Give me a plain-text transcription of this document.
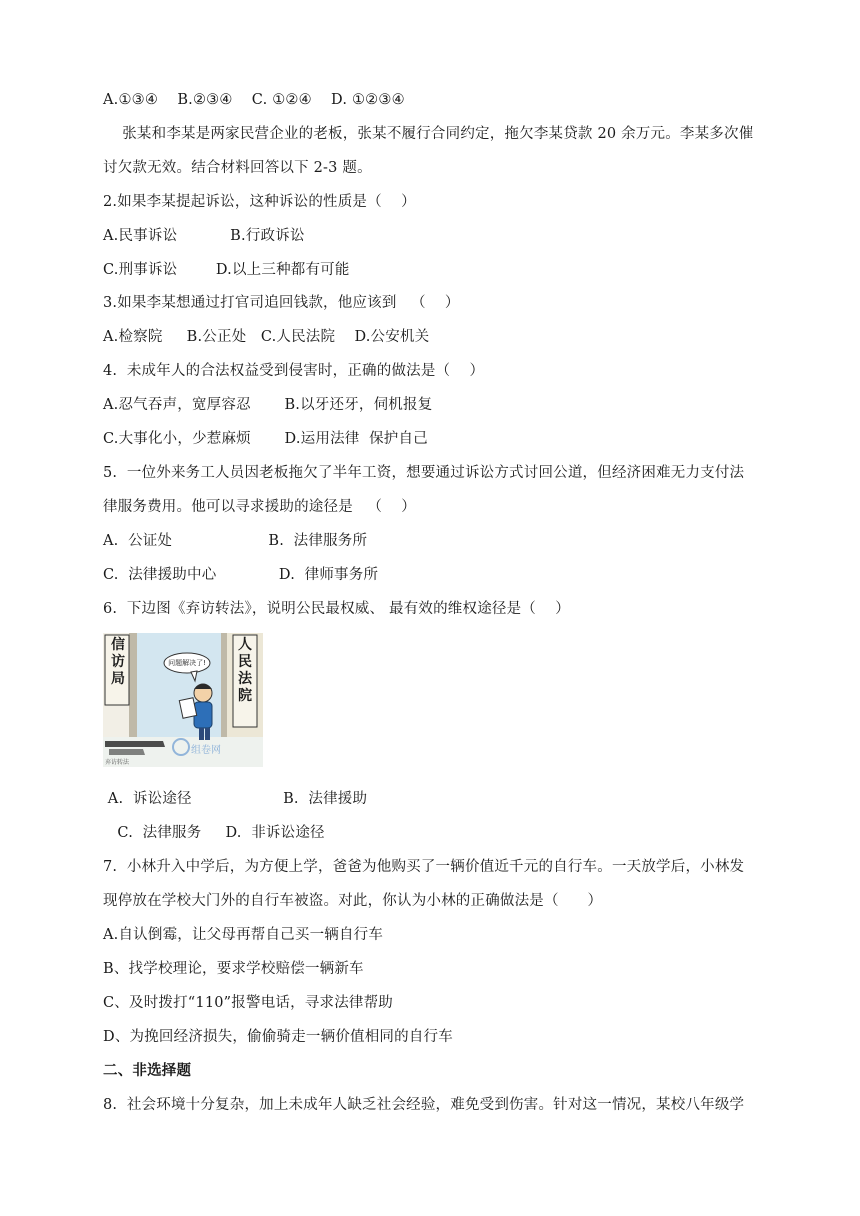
A.①③④    B.②③④    C. ①②④    D. ①②③④
张某和李某是两家民营企业的老板，张某不履行合同约定，拖欠李某贷款 20 余万元。李某多次催
讨欠款无效。结合材料回答以下 2-3 题。
2.如果李某提起诉讼，这种诉讼的性质是（    ）
A.民事诉讼           B.行政诉讼
C.刑事诉讼        D.以上三种都有可能
3.如果李某想通过打官司追回钱款，他应该到   （    ）
A.检察院     B.公正处   C.人民法院    D.公安机关
4.  未成年人的合法权益受到侵害时，正确的做法是（    ）
A.忍气吞声，宽厚容忍       B.以牙还牙，伺机报复
C.大事化小，少惹麻烦       D.运用法律  保护自己
5.  一位外来务工人员因老板拖欠了半年工资，想要通过诉讼方式讨回公道，但经济困难无力支付法
律服务费用。他可以寻求援助的途径是   （    ）
A.  公证处                    B.  法律服务所
C.  法律援助中心             D.  律师事务所
6.  下边图《弃访转法》，说明公民最权威、 最有效的维权途径是（    ）
信
访
局
人
民
法
院
问题解决了!
弃访转法
组卷网
A.  诉讼途径                   B.  法律援助
C.  法律服务     D.  非诉讼途径
7.  小林升入中学后，为方便上学，爸爸为他购买了一辆价值近千元的自行车。一天放学后，小林发
现停放在学校大门外的自行车被盗。对此，你认为小林的正确做法是（      ）
A.自认倒霉，让父母再帮自己买一辆自行车
B、找学校理论，要求学校赔偿一辆新车
C、及时拨打“110”报警电话，寻求法律帮助
D、为挽回经济损失，偷偷骑走一辆价值相同的自行车
二、非选择题
8.  社会环境十分复杂，加上未成年人缺乏社会经验，难免受到伤害。针对这一情况，某校八年级学
